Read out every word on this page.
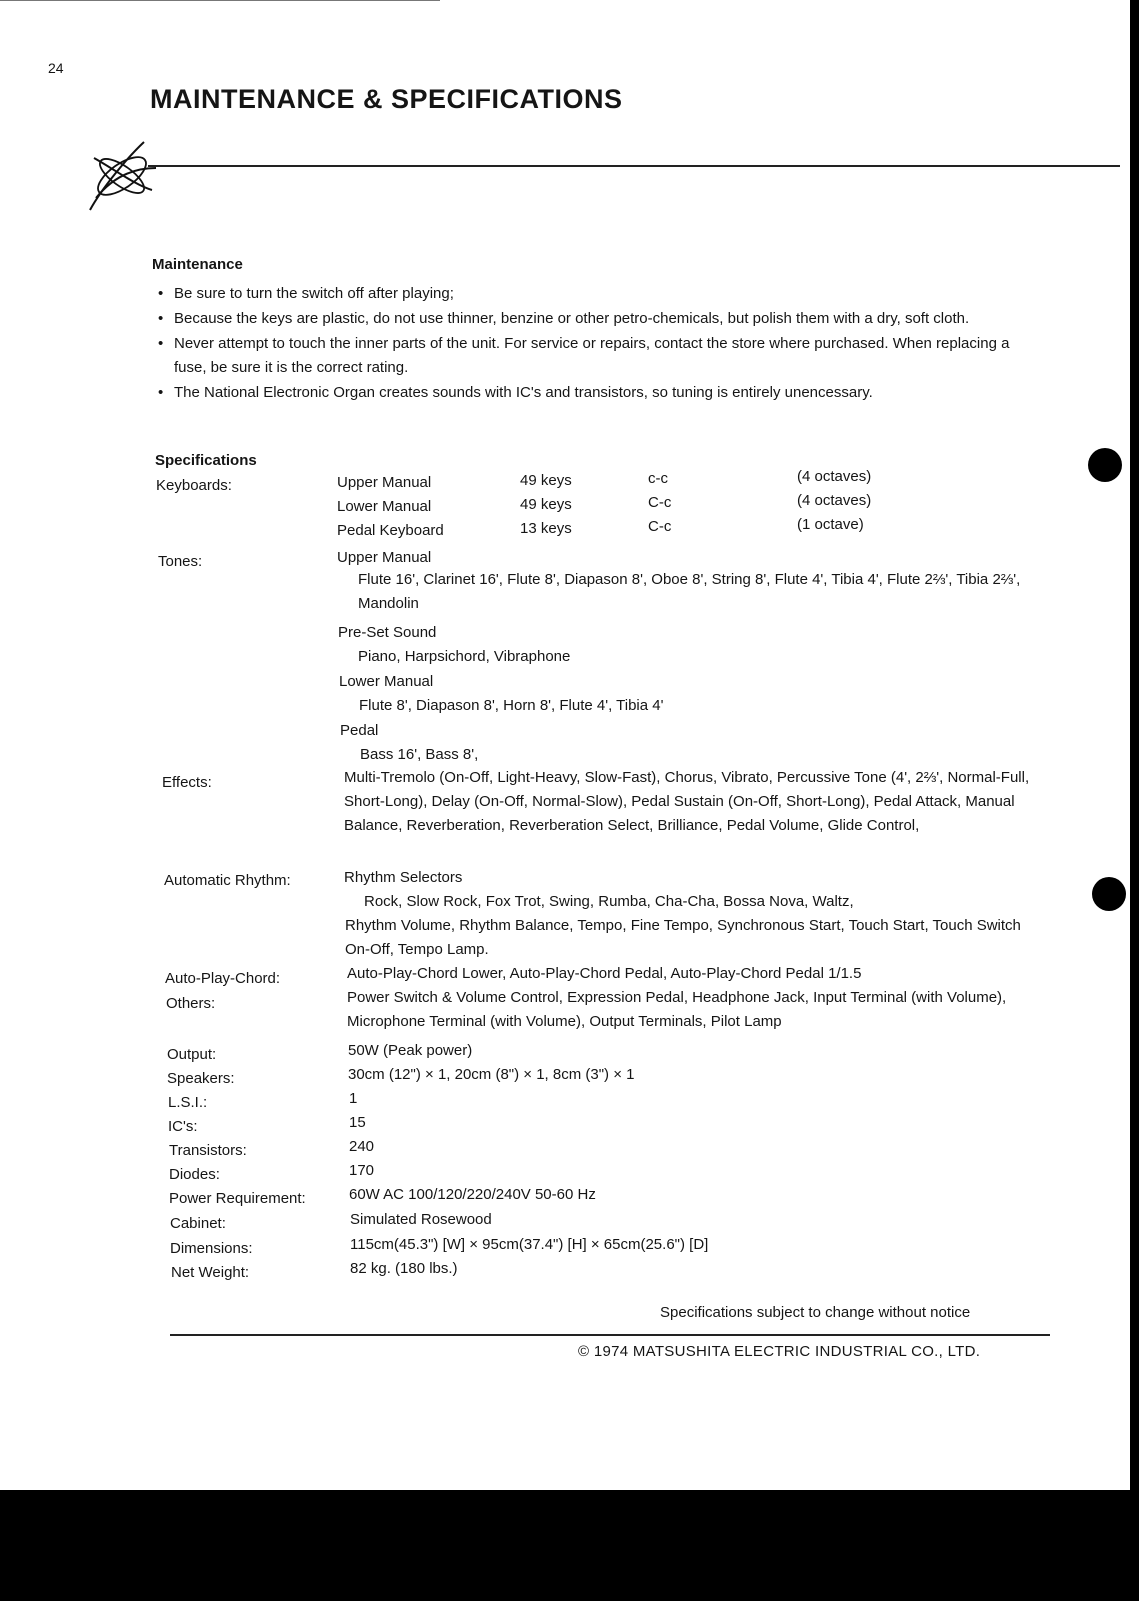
24
MAINTENANCE & SPECIFICATIONS
Maintenance
• Be sure to turn the switch off after playing;
• Because the keys are plastic, do not use thinner, benzine or other petro-chemicals, but polish them with a dry, soft cloth.
• Never attempt to touch the inner parts of the unit. For service or repairs, contact the store where purchased. When replacing a fuse, be sure it is the correct rating.
• The National Electronic Organ creates sounds with IC's and transistors, so tuning is entirely unencessary.
Specifications
Keyboards:	Upper Manual	49 keys	c-c	(4 octaves)
Lower Manual	49 keys	C-c	(4 octaves)
Pedal Keyboard	13 keys	C-c	(1 octave)
Tones:	Upper Manual
Flute 16', Clarinet 16', Flute 8', Diapason 8', Oboe 8', String 8', Flute 4', Tibia 4', Flute 2⅔', Tibia 2⅔', Mandolin
Pre-Set Sound
Piano, Harpsichord, Vibraphone
Lower Manual
Flute 8', Diapason 8', Horn 8', Flute 4', Tibia 4'
Pedal
Bass 16', Bass 8',
Effects:	Multi-Tremolo (On-Off, Light-Heavy, Slow-Fast), Chorus, Vibrato, Percussive Tone (4', 2⅔', Normal-Full, Short-Long), Delay (On-Off, Normal-Slow), Pedal Sustain (On-Off, Short-Long), Pedal Attack, Manual Balance, Reverberation, Reverberation Select, Brilliance, Pedal Volume, Glide Control,
Automatic Rhythm:	Rhythm Selectors
Rock, Slow Rock, Fox Trot, Swing, Rumba, Cha-Cha, Bossa Nova, Waltz,
Rhythm Volume, Rhythm Balance, Tempo, Fine Tempo, Synchronous Start, Touch Start, Touch Switch On-Off, Tempo Lamp.
Auto-Play-Chord:	Auto-Play-Chord Lower, Auto-Play-Chord Pedal, Auto-Play-Chord Pedal 1/1.5
Others:	Power Switch & Volume Control, Expression Pedal, Headphone Jack, Input Terminal (with Volume), Microphone Terminal (with Volume), Output Terminals, Pilot Lamp
Output:	50W (Peak power)
Speakers:	30cm (12") × 1, 20cm (8") × 1, 8cm (3") × 1
L.S.I.:	1
IC's:	15
Transistors:	240
Diodes:	170
Power Requirement:	60W AC 100/120/220/240V 50-60 Hz
Cabinet:	Simulated Rosewood
Dimensions:	115cm(45.3") [W] × 95cm(37.4") [H] × 65cm(25.6") [D]
Net Weight:	82 kg. (180 lbs.)
Specifications subject to change without notice
© 1974 MATSUSHITA ELECTRIC INDUSTRIAL CO., LTD.
